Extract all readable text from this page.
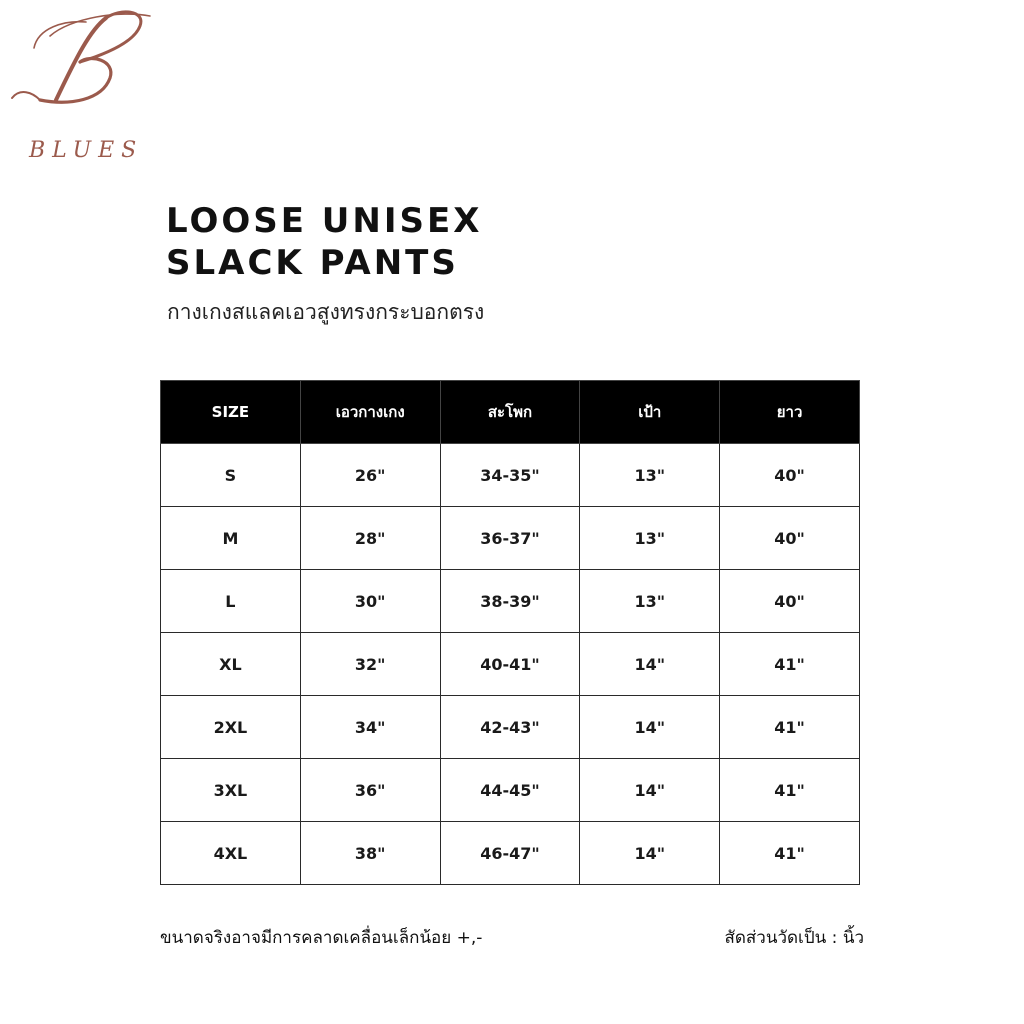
BLUES
LOOSE UNISEX
SLACK PANTS
กางเกงสแลคเอวสูงทรงกระบอกตรง
SIZE	เอวกางเกง	สะโพก	เป้า	ยาว
S	26"	34-35"	13"	40"
M	28"	36-37"	13"	40"
L	30"	38-39"	13"	40"
XL	32"	40-41"	14"	41"
2XL	34"	42-43"	14"	41"
3XL	36"	44-45"	14"	41"
4XL	38"	46-47"	14"	41"
ขนาดจริงอาจมีการคลาดเคลื่อนเล็กน้อย +,-	สัดส่วนวัดเป็น : นิ้ว
